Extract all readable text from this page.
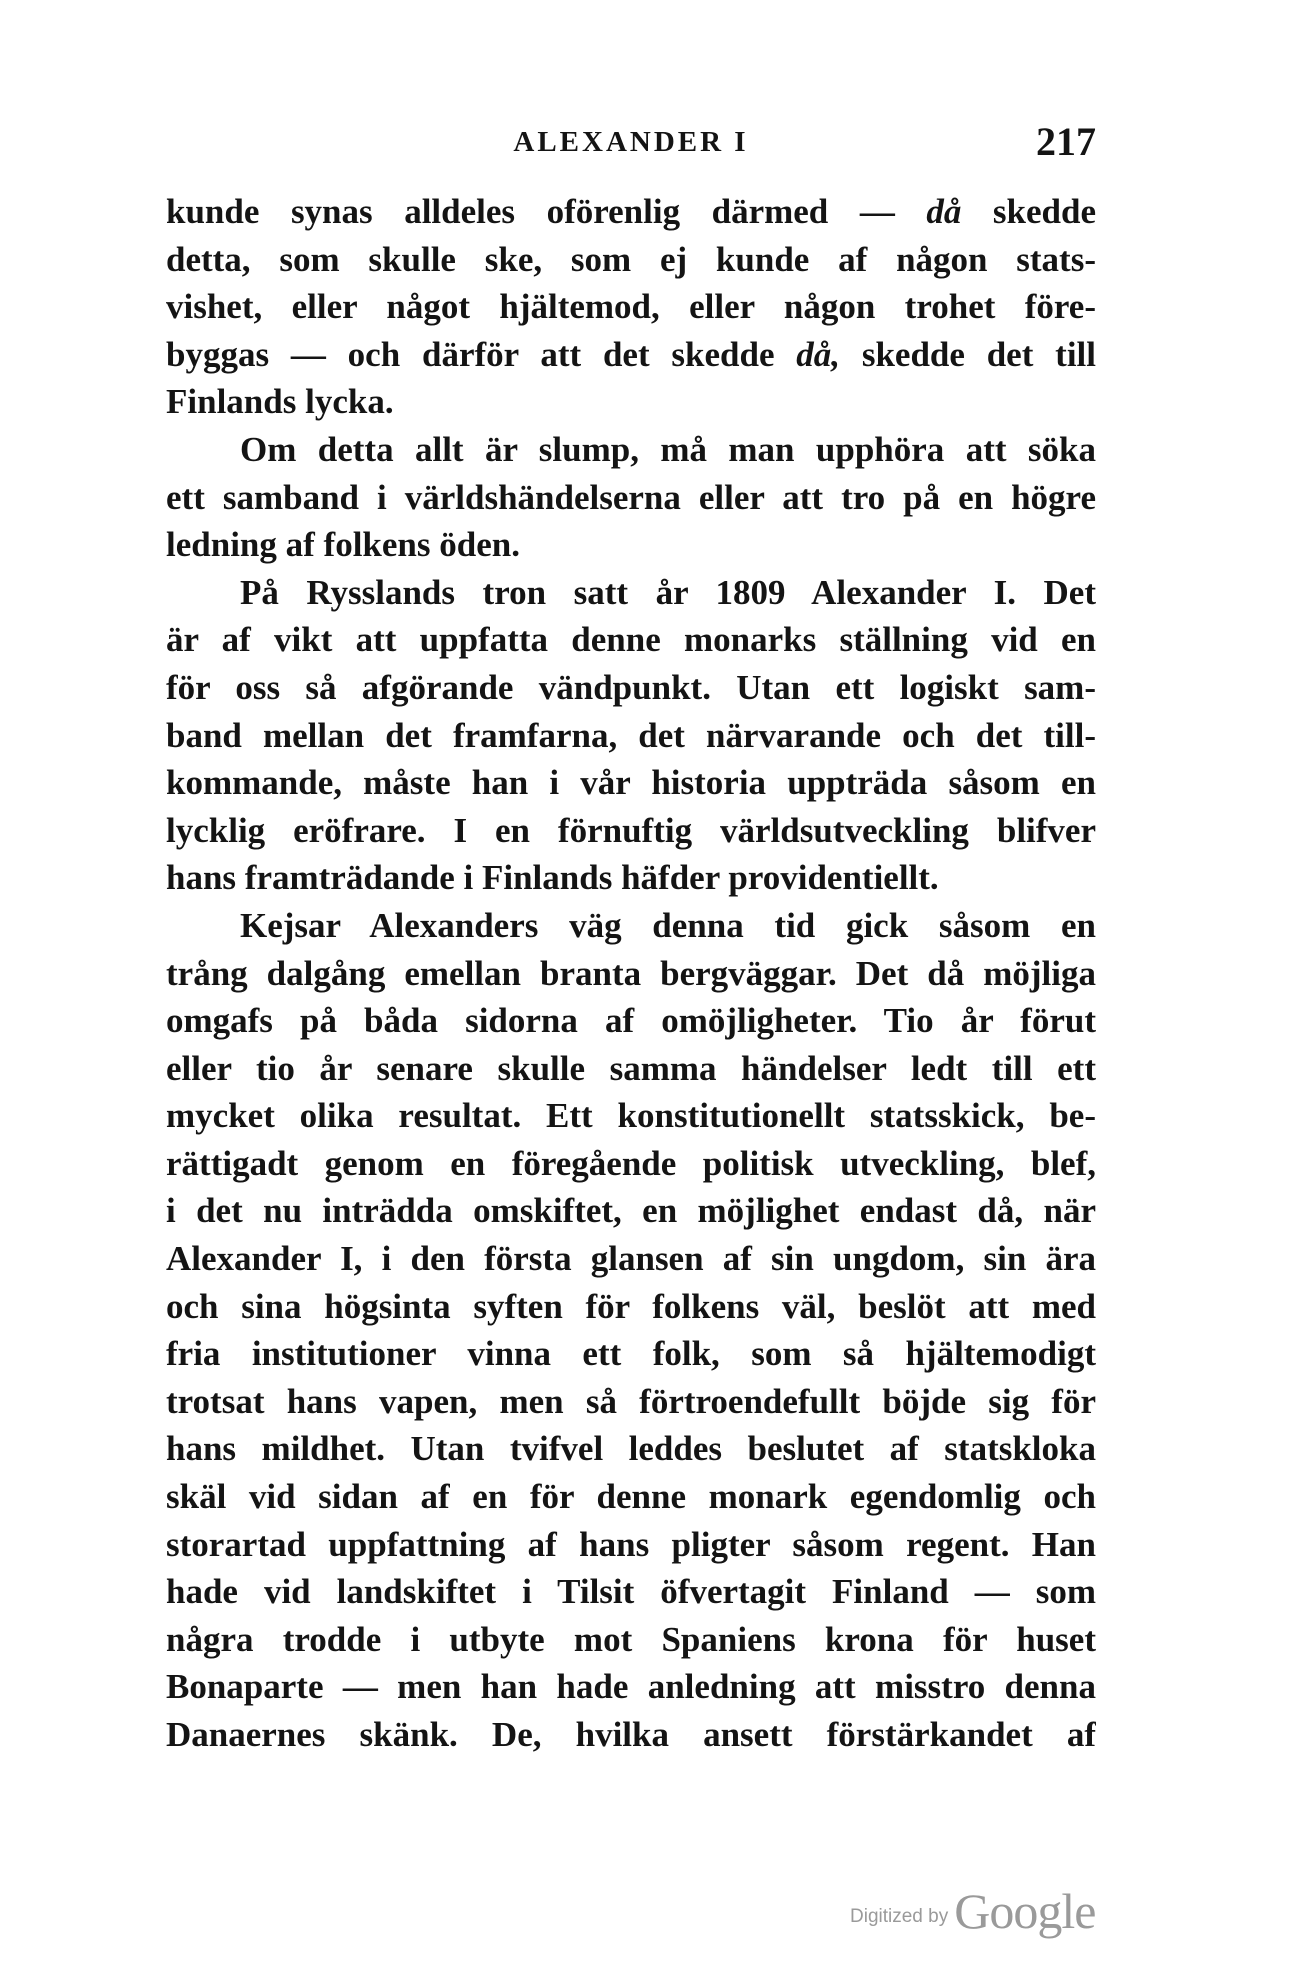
ALEXANDER I	217
kunde synas alldeles oförenlig därmed — då skedde
detta, som skulle ske, som ej kunde af någon stats-
vishet, eller något hjältemod, eller någon trohet före-
byggas — och därför att det skedde då, skedde det till
Finlands lycka.
Om detta allt är slump, må man upphöra att söka
ett samband i världshändelserna eller att tro på en högre
ledning af folkens öden.
På Rysslands tron satt år 1809 Alexander I. Det
är af vikt att uppfatta denne monarks ställning vid en
för oss så afgörande vändpunkt. Utan ett logiskt sam-
band mellan det framfarna, det närvarande och det till-
kommande, måste han i vår historia uppträda såsom en
lycklig eröfrare. I en förnuftig världsutveckling blifver
hans framträdande i Finlands häfder providentiellt.
Kejsar Alexanders väg denna tid gick såsom en
trång dalgång emellan branta bergväggar. Det då möjliga
omgafs på båda sidorna af omöjligheter. Tio år förut
eller tio år senare skulle samma händelser ledt till ett
mycket olika resultat. Ett konstitutionellt statsskick, be-
rättigadt genom en föregående politisk utveckling, blef,
i det nu inträdda omskiftet, en möjlighet endast då, när
Alexander I, i den första glansen af sin ungdom, sin ära
och sina högsinta syften för folkens väl, beslöt att med
fria institutioner vinna ett folk, som så hjältemodigt
trotsat hans vapen, men så förtroendefullt böjde sig för
hans mildhet. Utan tvifvel leddes beslutet af statskloka
skäl vid sidan af en för denne monark egendomlig och
storartad uppfattning af hans pligter såsom regent. Han
hade vid landskiftet i Tilsit öfvertagit Finland — som
några trodde i utbyte mot Spaniens krona för huset
Bonaparte — men han hade anledning att misstro denna
Danaernes skänk. De, hvilka ansett förstärkandet af
Digitized by Google
